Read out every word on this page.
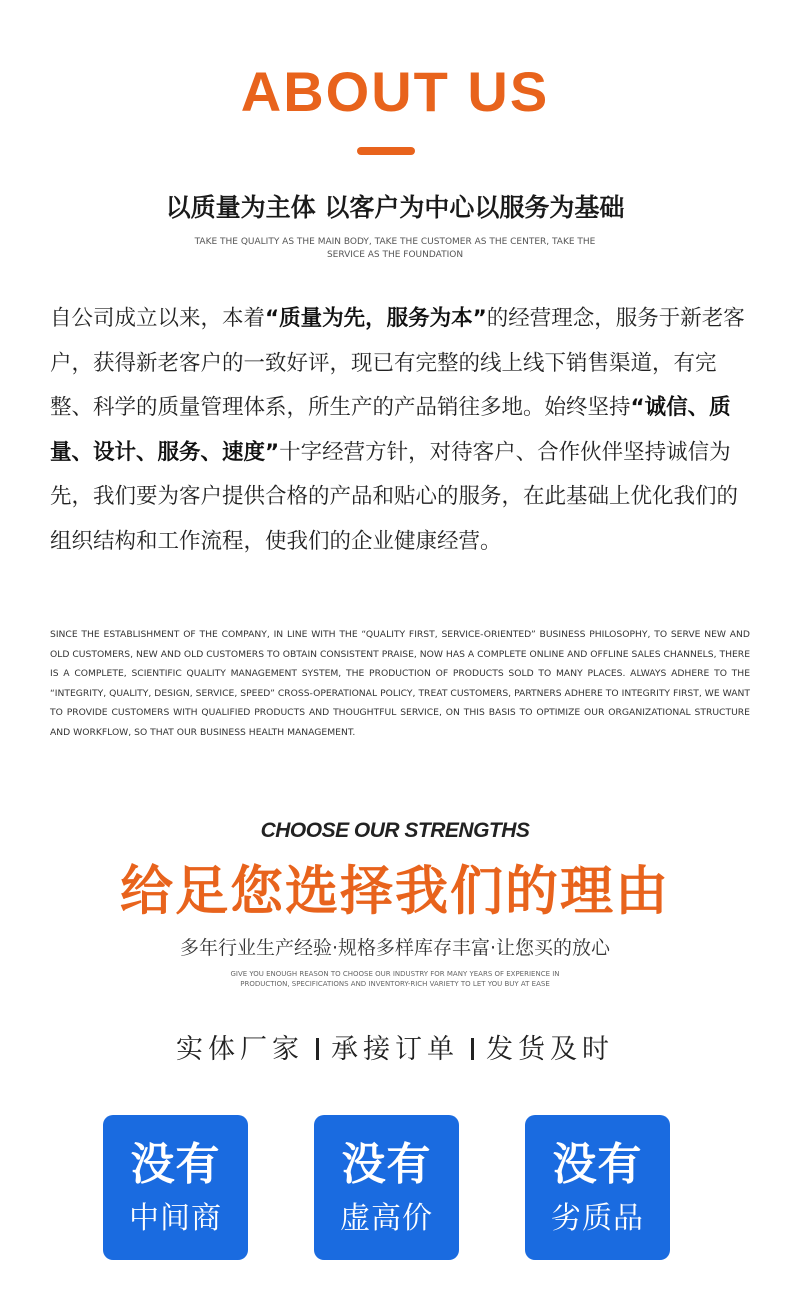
ABOUT US
以质量为主体 以客户为中心以服务为基础
TAKE THE QUALITY AS THE MAIN BODY, TAKE THE CUSTOMER AS THE CENTER, TAKE THE SERVICE AS THE FOUNDATION
自公司成立以来，本着“质量为先，服务为本”的经营理念，服务于新老客户，获得新老客户的一致好评，现已有完整的线上线下销售渠道，有完整、科学的质量管理体系，所生产的产品销往多地。始终坚持“诚信、质量、设计、服务、速度”十字经营方针，对待客户、合作伙伴坚持诚信为先，我们要为客户提供合格的产品和贴心的服务，在此基础上优化我们的组织结构和工作流程，使我们的企业健康经营。
SINCE THE ESTABLISHMENT OF THE COMPANY, IN LINE WITH THE “QUALITY FIRST, SERVICE-ORIENTED” BUSINESS PHILOSOPHY, TO SERVE NEW AND OLD CUSTOMERS, NEW AND OLD CUSTOMERS TO OBTAIN CONSISTENT PRAISE, NOW HAS A COMPLETE ONLINE AND OFFLINE SALES CHANNELS, THERE IS A COMPLETE, SCIENTIFIC QUALITY MANAGEMENT SYSTEM, THE PRODUCTION OF PRODUCTS SOLD TO MANY PLACES. ALWAYS ADHERE TO THE “INTEGRITY, QUALITY, DESIGN, SERVICE, SPEED” CROSS-OPERATIONAL POLICY, TREAT CUSTOMERS, PARTNERS ADHERE TO INTEGRITY FIRST, WE WANT TO PROVIDE CUSTOMERS WITH QUALIFIED PRODUCTS AND THOUGHTFUL SERVICE, ON THIS BASIS TO OPTIMIZE OUR ORGANIZATIONAL STRUCTURE AND WORKFLOW, SO THAT OUR BUSINESS HEALTH MANAGEMENT.
CHOOSE OUR STRENGTHS
给足您选择我们的理由
多年行业生产经验·规格多样库存丰富·让您买的放心
GIVE YOU ENOUGH REASON TO CHOOSE OUR INDUSTRY FOR MANY YEARS OF EXPERIENCE IN PRODUCTION, SPECIFICATIONS AND INVENTORY-RICH VARIETY TO LET YOU BUY AT EASE
实体厂家 承接订单 发货及时
没有
中间商
没有
虚高价
没有
劣质品
